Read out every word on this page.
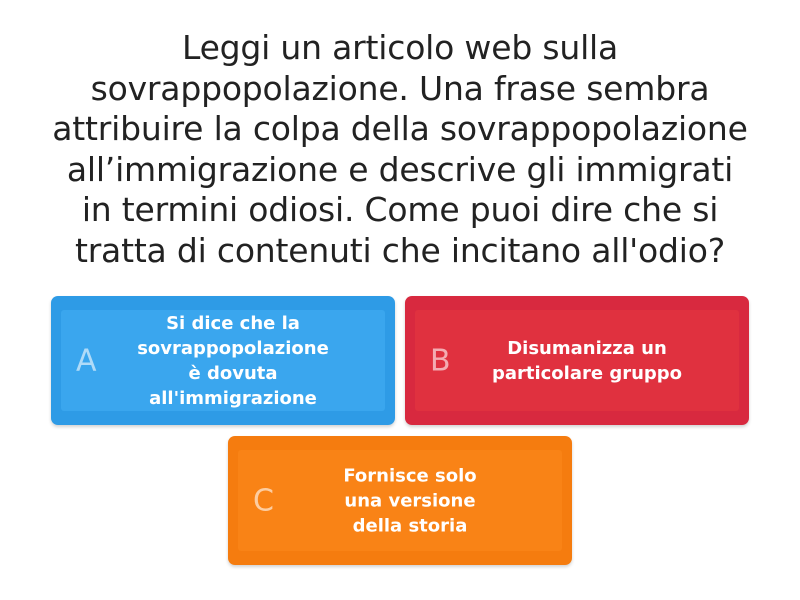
Leggi un articolo web sulla
sovrappopolazione. Una frase sembra
attribuire la colpa della sovrappopolazione
all’immigrazione e descrive gli immigrati
in termini odiosi. Come puoi dire che si
tratta di contenuti che incitano all'odio?
A
Si dice che la
sovrappopolazione
è dovuta
all'immigrazione
B	Disumanizza un
particolare gruppo
C
Fornisce solo
una versione
della storia
